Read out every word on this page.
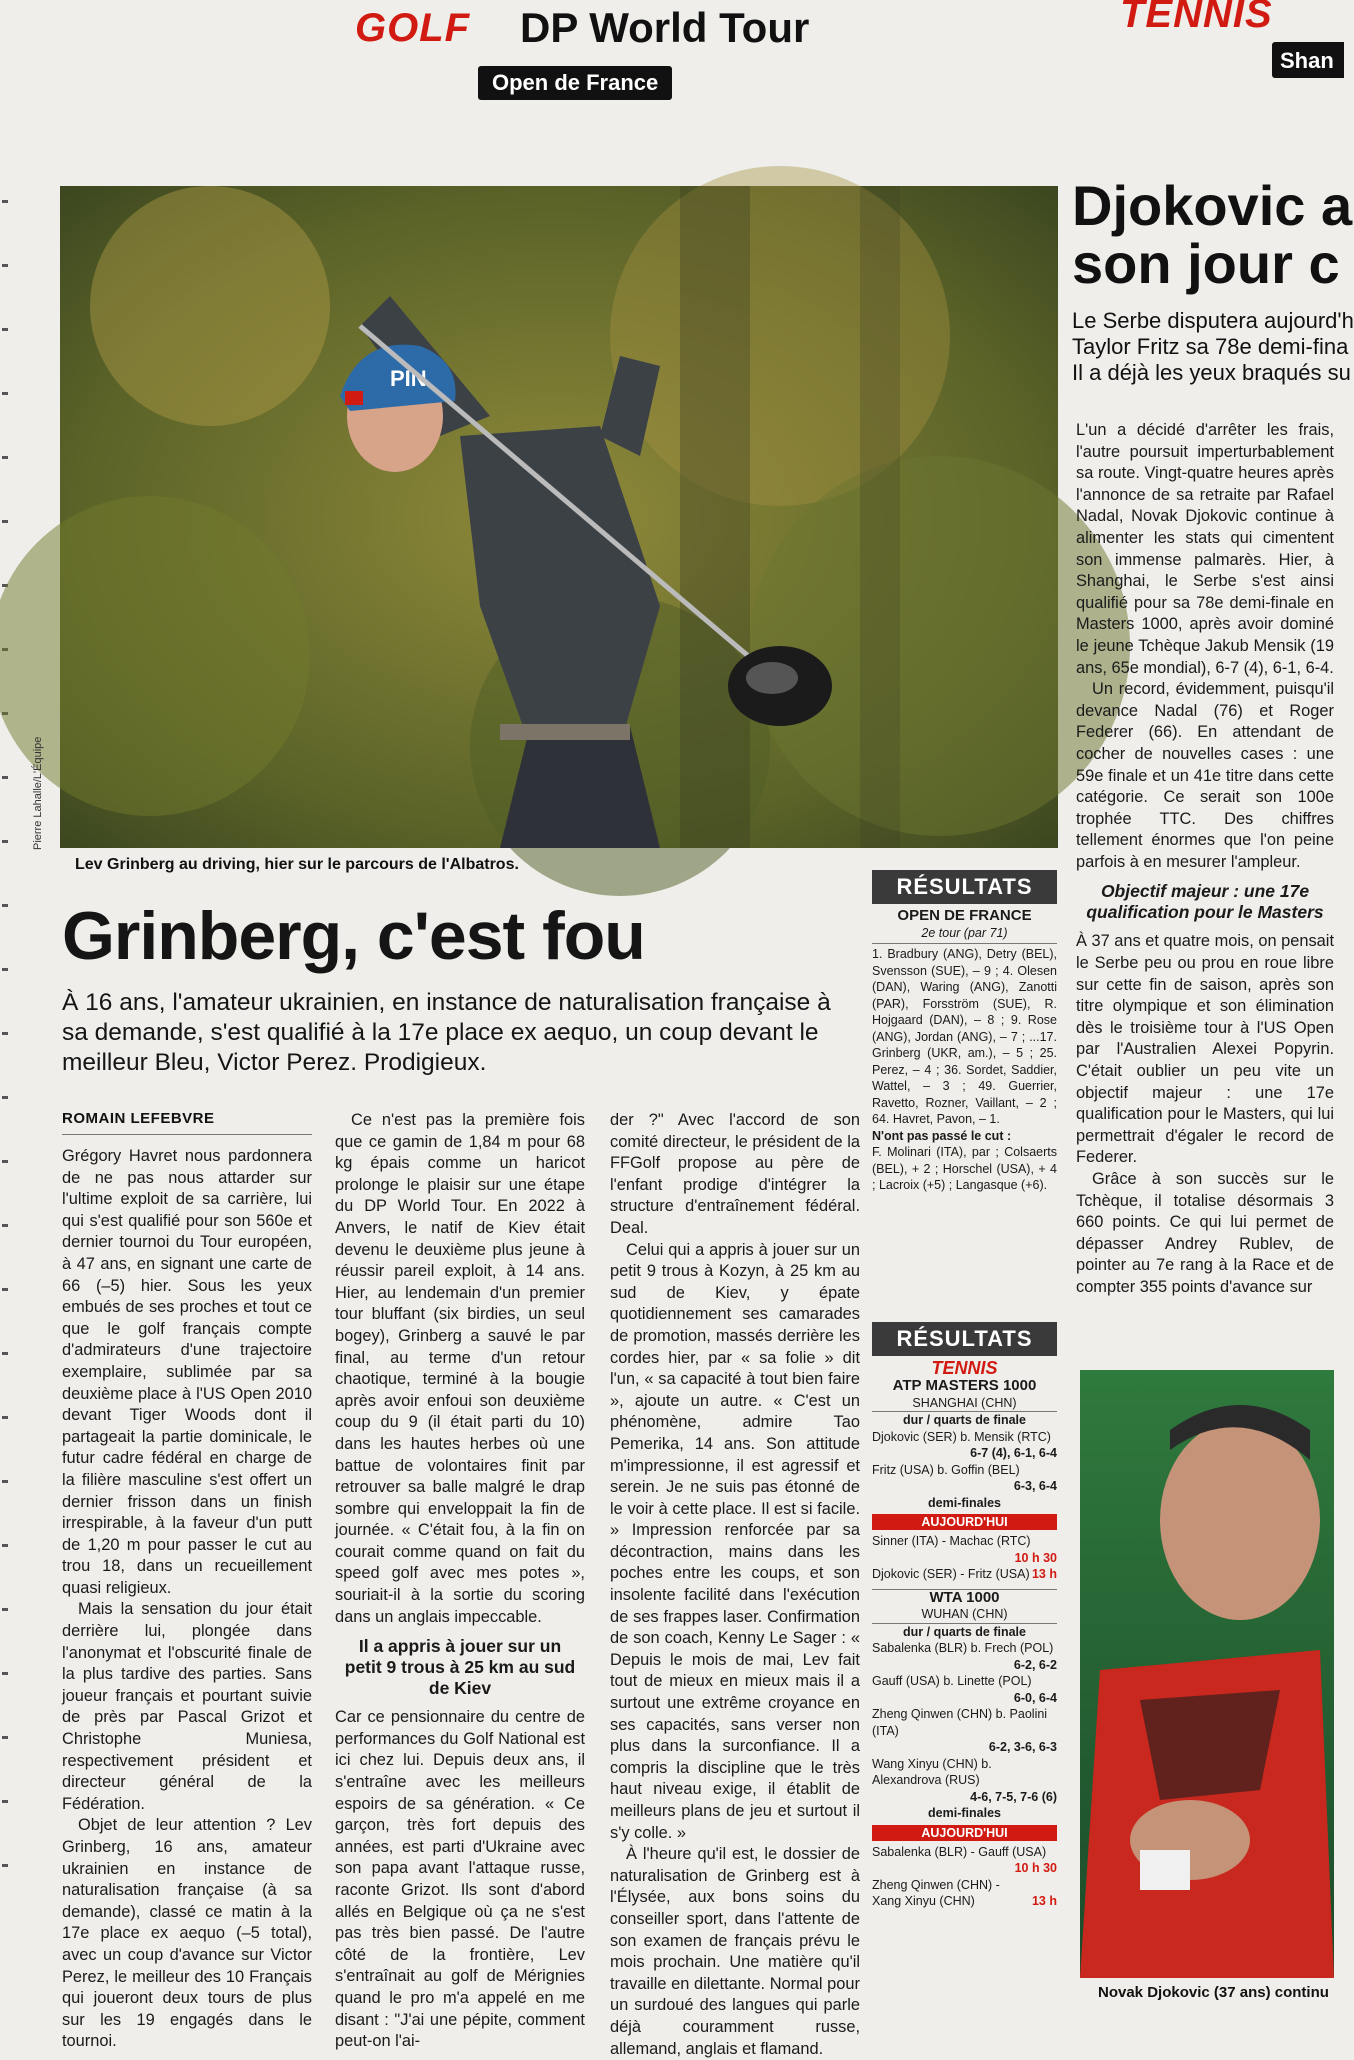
GOLF DP World Tour
Open de France
TENNIS
Shan
PIN
Pierre Lahalle/L'Équipe
Lev Grinberg au driving, hier sur le parcours de l'Albatros.
Grinberg, c'est fou
À 16 ans, l'amateur ukrainien, en instance de naturalisation française à sa demande, s'est qualifié à la 17e place ex aequo, un coup devant le meilleur Bleu, Victor Perez. Prodigieux.
ROMAIN LEFEBVRE

Grégory Havret nous pardonnera de ne pas nous attarder sur l'ultime exploit de sa carrière, lui qui s'est qualifié pour son 560e et dernier tournoi du Tour européen, à 47 ans, en signant une carte de 66 (–5) hier. Sous les yeux embués de ses proches et tout ce que le golf français compte d'admirateurs d'une trajectoire exemplaire, sublimée par sa deuxième place à l'US Open 2010 devant Tiger Woods dont il partageait la partie dominicale, le futur cadre fédéral en charge de la filière masculine s'est offert un dernier frisson dans un finish irrespirable, à la faveur d'un putt de 1,20 m pour passer le cut au trou 18, dans un recueillement quasi religieux.

Mais la sensation du jour était derrière lui, plongée dans l'anonymat et l'obscurité finale de la plus tardive des parties. Sans joueur français et pourtant suivie de près par Pascal Grizot et Christophe Muniesa, respectivement président et directeur général de la Fédération.

Objet de leur attention ? Lev Grinberg, 16 ans, amateur ukrainien en instance de naturalisation française (à sa demande), classé ce matin à la 17e place ex aequo (–5 total), avec un coup d'avance sur Victor Perez, le meilleur des 10 Français qui joueront deux tours de plus sur les 19 engagés dans le tournoi.

Ce n'est pas la première fois que ce gamin de 1,84 m pour 68 kg épais comme un haricot prolonge le plaisir sur une étape du DP World Tour. En 2022 à Anvers, le natif de Kiev était devenu le deuxième plus jeune à réussir pareil exploit, à 14 ans. Hier, au lendemain d'un premier tour bluffant (six birdies, un seul bogey), Grinberg a sauvé le par final, au terme d'un retour chaotique, terminé à la bougie après avoir enfoui son deuxième coup du 9 (il était parti du 10) dans les hautes herbes où une battue de volontaires finit par retrouver sa balle malgré le drap sombre qui enveloppait la fin de journée. « C'était fou, à la fin on courait comme quand on fait du speed golf avec mes potes », souriait-il à la sortie du scoring dans un anglais impeccable.

Il a appris à jouer sur un petit 9 trous à 25 km au sud de Kiev

Car ce pensionnaire du centre de performances du Golf National est ici chez lui. Depuis deux ans, il s'entraîne avec les meilleurs espoirs de sa génération. « Ce garçon, très fort depuis des années, est parti d'Ukraine avec son papa avant l'attaque russe, raconte Grizot. Ils sont d'abord allés en Belgique où ça ne s'est pas très bien passé. De l'autre côté de la frontière, Lev s'entraînait au golf de Mérignies quand le pro m'a appelé en me disant : "J'ai une pépite, comment peut-on l'ai-

der ?" Avec l'accord de son comité directeur, le président de la FFGolf propose au père de l'enfant prodige d'intégrer la structure d'entraînement fédéral. Deal.

Celui qui a appris à jouer sur un petit 9 trous à Kozyn, à 25 km au sud de Kiev, y épate quotidiennement ses camarades de promotion, massés derrière les cordes hier, par « sa folie » dit l'un, « sa capacité à tout bien faire », ajoute un autre. « C'est un phénomène, admire Tao Pemerika, 14 ans. Son attitude m'impressionne, il est agressif et serein. Je ne suis pas étonné de le voir à cette place. Il est si facile. » Impression renforcée par sa décontraction, mains dans les poches entre les coups, et son insolente facilité dans l'exécution de ses frappes laser. Confirmation de son coach, Kenny Le Sager : « Depuis le mois de mai, Lev fait tout de mieux en mieux mais il a surtout une extrême croyance en ses capacités, sans verser non plus dans la surconfiance. Il a compris la discipline que le très haut niveau exige, il établit de meilleurs plans de jeu et surtout il s'y colle. »

À l'heure qu'il est, le dossier de naturalisation de Grinberg est à l'Élysée, aux bons soins du conseiller sport, dans l'attente de son examen de français prévu le mois prochain. Une matière qu'il travaille en dilettante. Normal pour un surdoué des langues qui parle déjà couramment russe, allemand, anglais et flamand.

RÉSULTATS
OPEN DE FRANCE
2e tour (par 71)
1. Bradbury (ANG), Detry (BEL), Svensson (SUE), – 9 ; 4. Olesen (DAN), Waring (ANG), Zanotti (PAR), Forsström (SUE), R. Hojgaard (DAN), – 8 ; 9. Rose (ANG), Jordan (ANG), – 7 ; ...17. Grinberg (UKR, am.), – 5 ; 25. Perez, – 4 ; 36. Sordet, Saddier, Wattel, – 3 ; 49. Guerrier, Ravetto, Rozner, Vaillant, – 2 ; 64. Havret, Pavon, – 1.
N'ont pas passé le cut :
F. Molinari (ITA), par ; Colsaerts (BEL), + 2 ; Horschel (USA), + 4 ; Lacroix (+5) ; Langasque (+6).
RÉSULTATS
TENNIS
ATP MASTERS 1000
SHANGHAI (CHN)
dur / quarts de finale
Djokovic (SER) b. Mensik (RTC)
6-7 (4), 6-1, 6-4
Fritz (USA) b. Goffin (BEL)
6-3, 6-4
demi-finales
AUJOURD'HUI
Sinner (ITA) - Machac (RTC)
10 h 30
Djokovic (SER) - Fritz (USA) 13 h
WTA 1000
WUHAN (CHN)
dur / quarts de finale
Sabalenka (BLR) b. Frech (POL)
6-2, 6-2
Gauff (USA) b. Linette (POL)
6-0, 6-4
Zheng Qinwen (CHN) b. Paolini (ITA)
6-2, 3-6, 6-3
Wang Xinyu (CHN) b. Alexandrova (RUS)
4-6, 7-5, 7-6 (6)
demi-finales
AUJOURD'HUI
Sabalenka (BLR) - Gauff (USA)
10 h 30
Zheng Qinwen (CHN) - Xang Xinyu (CHN)	13 h
Djokovic a
son jour c
Le Serbe disputera aujourd'h
Taylor Fritz sa 78e demi-fina
Il a déjà les yeux braqués su

L'un a décidé d'arrêter les frais, l'autre poursuit imperturbablement sa route. Vingt-quatre heures après l'annonce de sa retraite par Rafael Nadal, Novak Djokovic continue à alimenter les stats qui cimentent son immense palmarès. Hier, à Shanghai, le Serbe s'est ainsi qualifié pour sa 78e demi-finale en Masters 1000, après avoir dominé le jeune Tchèque Jakub Mensik (19 ans, 65e mondial), 6-7 (4), 6-1, 6-4.

Un record, évidemment, puisqu'il devance Nadal (76) et Roger Federer (66). En attendant de cocher de nouvelles cases : une 59e finale et un 41e titre dans cette catégorie. Ce serait son 100e trophée TTC. Des chiffres tellement énormes que l'on peine parfois à en mesurer l'ampleur.

Objectif majeur : une 17e qualification pour le Masters

À 37 ans et quatre mois, on pensait le Serbe peu ou prou en roue libre sur cette fin de saison, après son titre olympique et son élimination dès le troisième tour à l'US Open par l'Australien Alexei Popyrin. C'était oublier un peu vite un objectif majeur : une 17e qualification pour le Masters, qui lui permettrait d'égaler le record de Federer.

Grâce à son succès sur le Tchèque, il totalise désormais 3 660 points. Ce qui lui permet de dépasser Andrey Rublev, de pointer au 7e rang à la Race et de compter 355 points d'avance sur

Novak Djokovic (37 ans) continu
